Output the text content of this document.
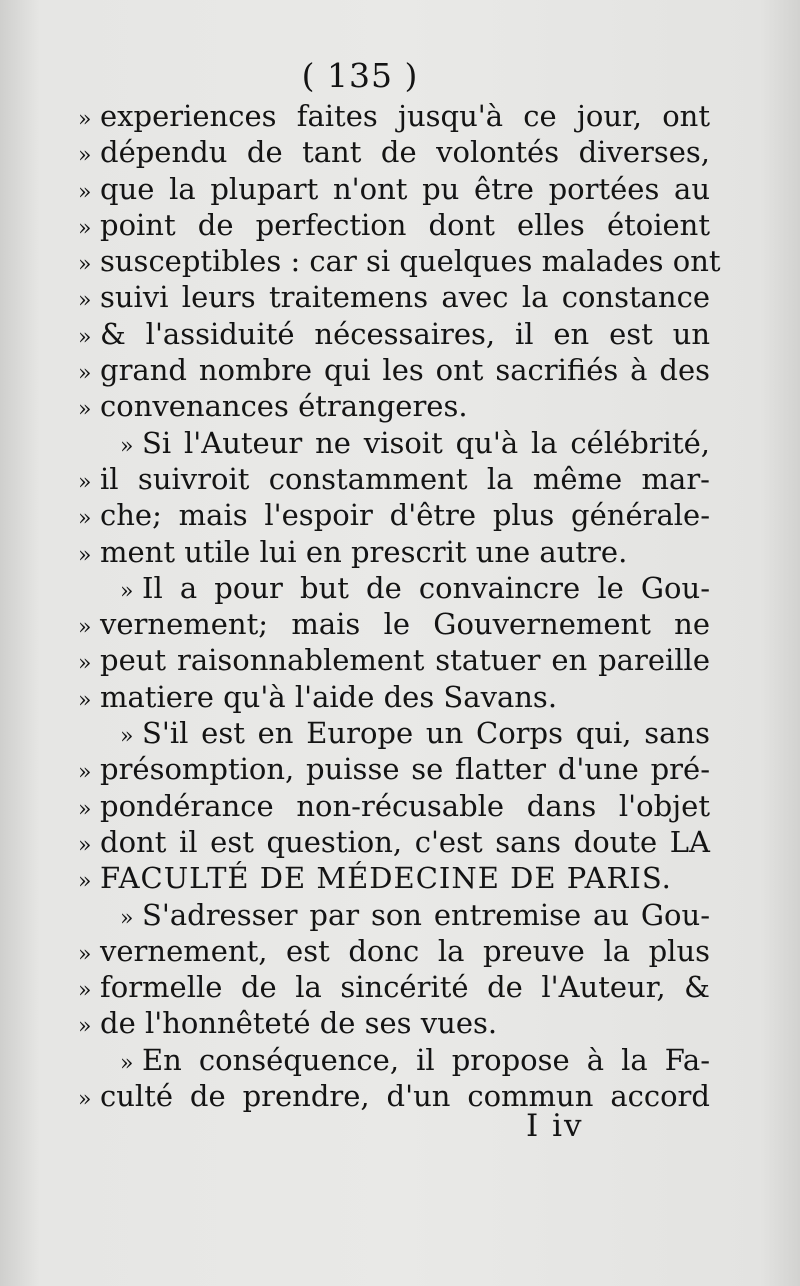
( 135 )
» experiences faites jusqu'à ce jour, ont
» dépendu de tant de volontés diverses,
» que la plupart n'ont pu être portées au
» point de perfection dont elles étoient
» susceptibles : car si quelques malades ont
» suivi leurs traitemens avec la constance
» & l'assiduité nécessaires, il en est un
» grand nombre qui les ont sacrifiés à des
» convenances étrangeres.
» Si l'Auteur ne visoit qu'à la célébrité,
» il suivroit constamment la même mar-
» che; mais l'espoir d'être plus générale-
» ment utile lui en prescrit une autre.
» Il a pour but de convaincre le Gou-
» vernement; mais le Gouvernement ne
» peut raisonnablement statuer en pareille
» matiere qu'à l'aide des Savans.
» S'il est en Europe un Corps qui, sans
» présomption, puisse se flatter d'une pré-
» pondérance non-récusable dans l'objet
» dont il est question, c'est sans doute LA
» FACULTÉ DE MÉDECINE DE PARIS.
» S'adresser par son entremise au Gou-
» vernement, est donc la preuve la plus
» formelle de la sincérité de l'Auteur, &
» de l'honnêteté de ses vues.
» En conséquence, il propose à la Fa-
» culté de prendre, d'un commun accord
I iv
